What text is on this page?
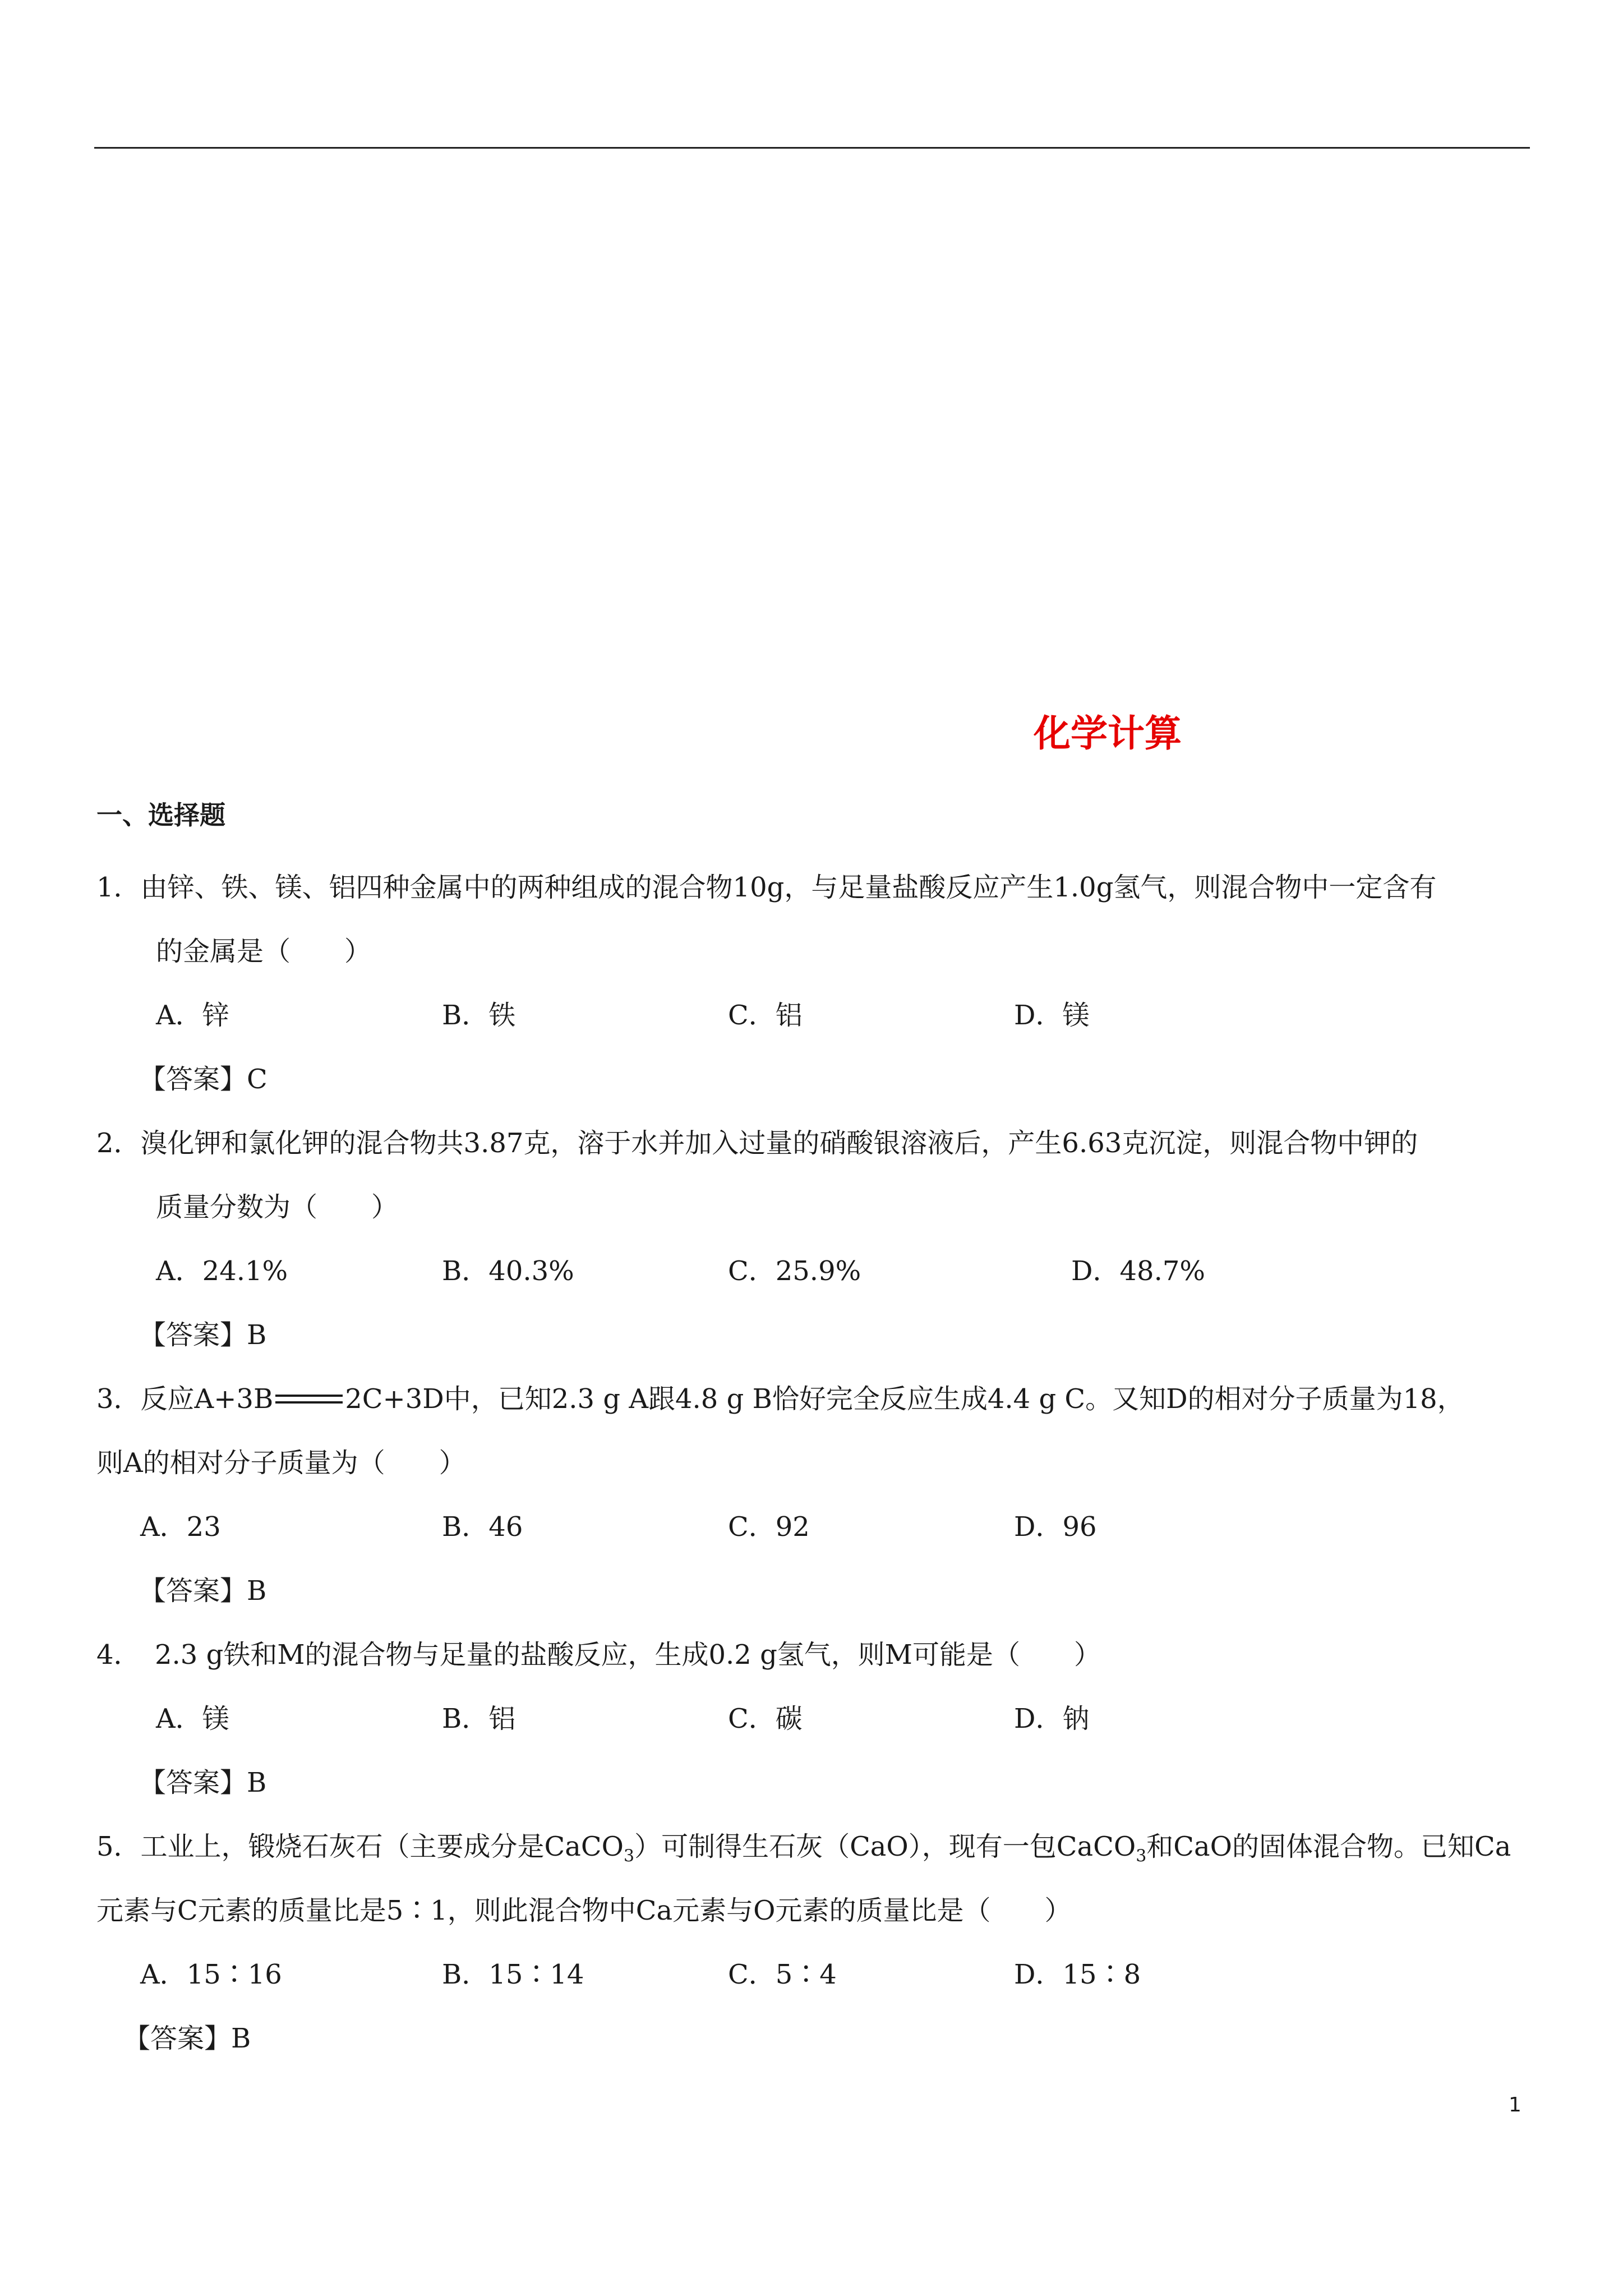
化学计算
一、选择题
1．由锌、铁、镁、铝四种金属中的两种组成的混合物10g，与足量盐酸反应产生1.0g氢气，则混合物中一定含有
的金属是（　　）
A．锌	B．铁	C．铝	D．镁
【答案】C
2．溴化钾和氯化钾的混合物共3.87克，溶于水并加入过量的硝酸银溶液后，产生6.63克沉淀，则混合物中钾的
质量分数为（　　）
A．24.1%	B．40.3%	C．25.9%	D．48.7%
【答案】B
3．反应A+3B	2C+3D中，已知2.3 g A跟4.8 g B恰好完全反应生成4.4 g C。又知D的相对分子质量为18，
则A的相对分子质量为（　　）
A．23	B．46	C．92	D．96
【答案】B
4． 2.3 g铁和M的混合物与足量的盐酸反应，生成0.2 g氢气，则M可能是（　　）
A．镁	B．铝	C．碳	D．钠
【答案】B
5．工业上，锻烧石灰石（主要成分是CaCO$_3$）可制得生石灰（CaO），现有一包CaCO$_3$和CaO的固体混合物。已知Ca
元素与C元素的质量比是5∶1，则此混合物中Ca元素与O元素的质量比是（　　）
A．15∶16	B．15∶14	C．5∶4	D．15∶8
【答案】B
1
